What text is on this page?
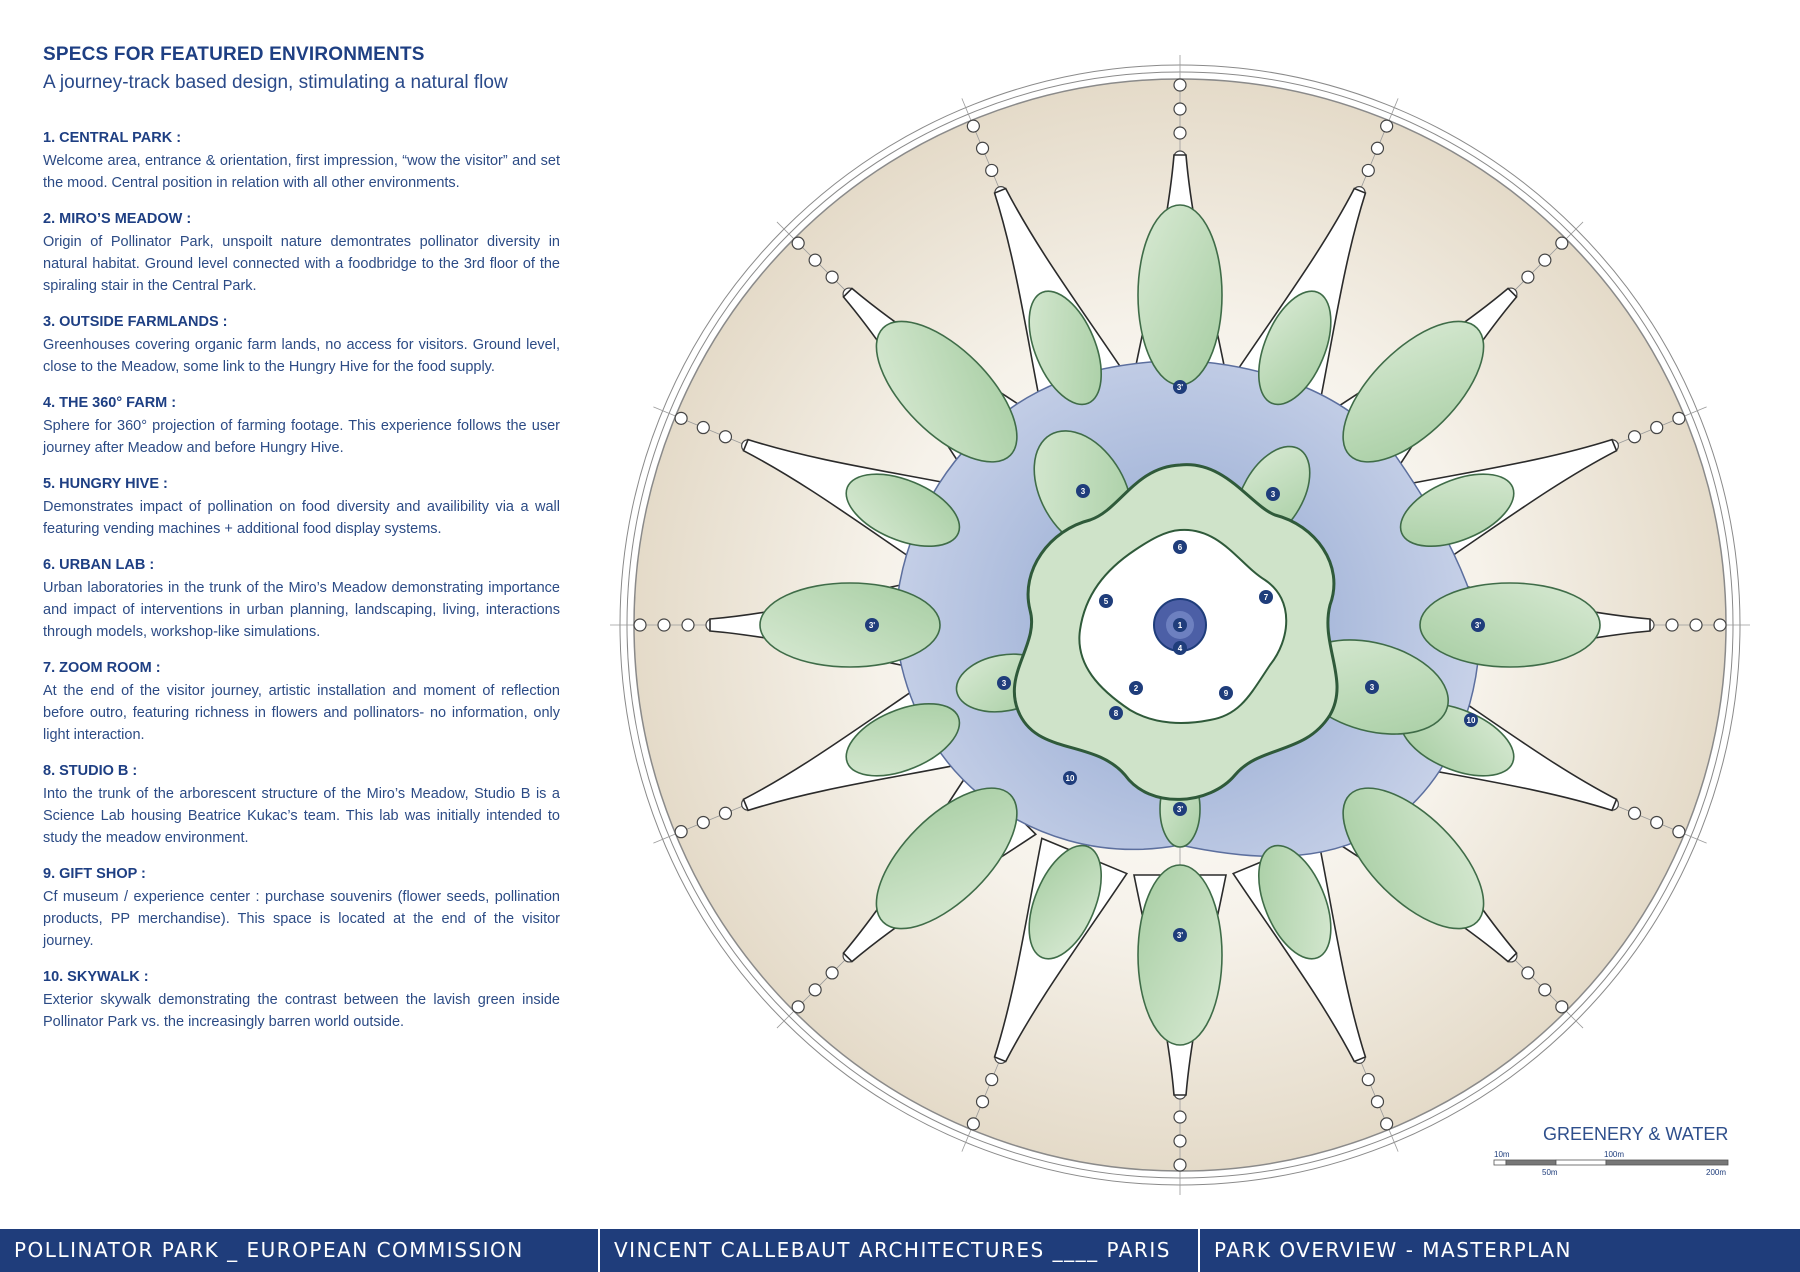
SPECS FOR FEATURED ENVIRONMENTS
A journey-track based design, stimulating a natural flow
1. CENTRAL PARK :
Welcome area, entrance & orientation, first impression, “wow the visitor” and set the mood. Central position in relation with all other environments.
2. MIRO’S MEADOW :
Origin of Pollinator Park, unspoilt nature demontrates pollinator diversity in natural habitat. Ground level connected with a foodbridge to the 3rd floor of the spiraling stair in the Central Park.
3. OUTSIDE FARMLANDS :
Greenhouses covering organic farm lands, no access for visitors. Ground level, close to the Meadow, some link to the Hungry Hive for the food supply.
4. THE 360° FARM :
Sphere for 360° projection of farming footage. This experience follows the user journey after Meadow and before Hungry Hive.
5. HUNGRY HIVE :
Demonstrates impact of pollination on food diversity and availibility via a wall featuring vending machines + additional food display systems.
6. URBAN LAB :
Urban laboratories in the trunk of the Miro’s Meadow demonstrating importance and impact of interventions in urban planning, landscaping, living, interactions through models, workshop-like simulations.
7. ZOOM ROOM :
At the end of the visitor journey, artistic installation and moment of reflection before outro, featuring richness in flowers and pollinators- no information, only light interaction.
8. STUDIO B :
Into the trunk of the arborescent structure of the Miro’s Meadow, Studio B is a Science Lab housing Beatrice Kukac’s team. This lab was initially intended to study the meadow environment.
9. GIFT SHOP :
Cf museum / experience center : purchase souvenirs (flower seeds, pollination products, PP merchandise). This space is located at the end of the visitor journey.
10. SKYWALK :
Exterior skywalk demonstrating the contrast between the lavish green inside Pollinator Park vs. the increasingly barren world outside.
1
4
6
7
5
2
8
9
3	3
3	3
3'
3'
3'
3'	3'
10
10
GREENERY & WATER
10m	100m
50m	200m
POLLINATOR PARK _ EUROPEAN COMMISSION	VINCENT CALLEBAUT ARCHITECTURES ____ PARIS	PARK OVERVIEW - MASTERPLAN
